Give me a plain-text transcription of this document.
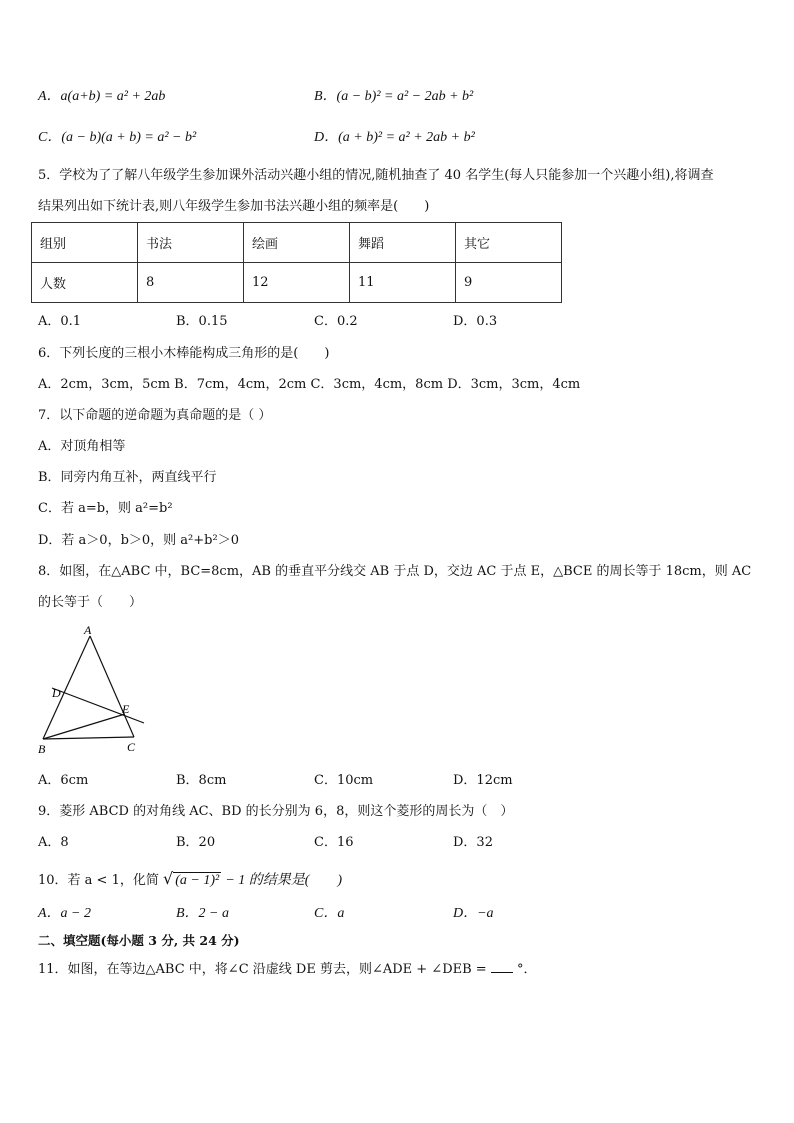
A．a(a+b) = a² + 2ab	B．(a − b)² = a² − 2ab + b²
C．(a − b)(a + b) = a² − b²	D．(a + b)² = a² + 2ab + b²
5．学校为了了解八年级学生参加课外活动兴趣小组的情况,随机抽查了 40 名学生(每人只能参加一个兴趣小组),将调查
结果列出如下统计表,则八年级学生参加书法兴趣小组的频率是(　　)
组别	书法	绘画	舞蹈	其它
人数	8	12	11	9
A．0.1	B．0.15	C．0.2	D．0.3
6．下列长度的三根小木棒能构成三角形的是(　　)
A．2cm，3cm，5cm B．7cm，4cm，2cm C．3cm，4cm，8cm D．3cm，3cm，4cm
7．以下命题的逆命题为真命题的是（ ）
A．对顶角相等
B．同旁内角互补，两直线平行
C．若 a=b，则 a²=b²
D．若 a＞0，b＞0，则 a²+b²＞0
8．如图，在△ABC 中，BC=8cm，AB 的垂直平分线交 AB 于点 D，交边 AC 于点 E，△BCE 的周长等于 18cm，则 AC
的长等于（　　）
A
D
E
B	C
A．6cm	B．8cm	C．10cm	D．12cm
9．菱形 ABCD 的对角线 AC、BD 的长分别为 6，8，则这个菱形的周长为（　）
A．8	B．20	C．16	D．32
10．若 a < 1，化简 √ (a − 1)² − 1 的结果是(　　)
A．a − 2	B．2 − a	C．a	D．−a
二、填空题(每小题 3 分, 共 24 分)
11．如图，在等边△ABC 中，将∠C 沿虚线 DE 剪去，则∠ADE + ∠DEB = °．
